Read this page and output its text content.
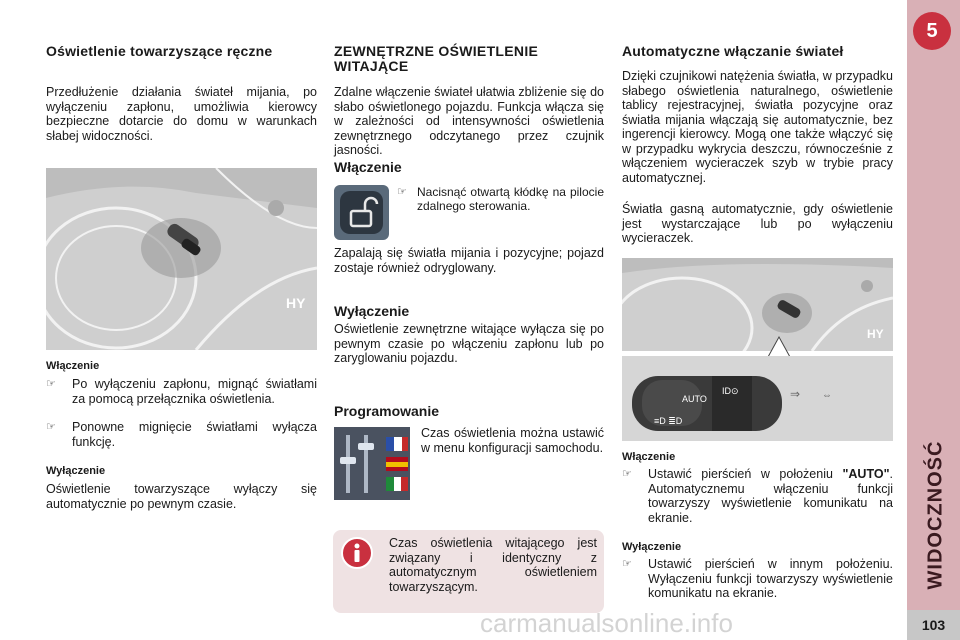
Oświetlenie towarzyszące ręczne

Przedłużenie działania świateł mijania, po wyłączeniu zapłonu, umożliwia kierowcy bezpieczne dotarcie do domu w warunkach słabej widoczności.

HY
Włączenie
☞ Po wyłączeniu zapłonu, mignąć światłami za pomocą przełącznika oświetlenia.
☞ Ponowne mignięcie światłami wyłącza funkcję.
Wyłączenie

Oświetlenie towarzyszące wyłączy się automatycznie po pewnym czasie.

ZEWNĘTRZNE OŚWIETLENIE WITAJĄCE

Zdalne włączenie świateł ułatwia zbliżenie się do słabo oświetlonego pojazdu. Funkcja włącza się w zależności od intensywności oświetlenia zewnętrznego odczytanego przez czujnik jasności.

Włączenie
☞ Nacisnąć otwartą kłódkę na pilocie zdalnego sterowania.

Zapalają się światła mijania i pozycyjne; pojazd zostaje również odryglowany.

Wyłączenie

Oświetlenie zewnętrzne witające wyłącza się po pewnym czasie po włączeniu zapłonu lub po zaryglowaniu pojazdu.

Programowanie

Czas oświetlenia można ustawić w menu konfiguracji samochodu.

Czas oświetlenia witającego jest związany i identyczny z automatycznym oświetleniem towarzyszącym.

Automatyczne włączanie świateł

Dzięki czujnikowi natężenia światła, w przypadku słabego oświetlenia naturalnego, oświetlenie tablicy rejestracyjnej, światła pozycyjne oraz światła mijania włączają się automatycznie, bez ingerencji kierowcy. Mogą one także włączyć się w przypadku wykrycia deszczu, równocześnie z włączeniem wycieraczek szyb w trybie pracy automatycznej.

Światła gasną automatycznie, gdy oświetlenie jest wystarczające lub po wyłączeniu wycieraczek.

HY
AUTO
≡D ≣D
ID⊙	⇒ ⇔
Włączenie
☞ Ustawić pierścień w położeniu "AUTO". Automatycznemu włączeniu funkcji towarzyszy wyświetlenie komunikatu na ekranie.
Wyłączenie
☞ Ustawić pierścień w innym położeniu. Wyłączeniu funkcji towarzyszy wyświetlenie komunikatu na ekranie.
5
WIDOCZNOŚĆ
103
carmanualsonline.info
